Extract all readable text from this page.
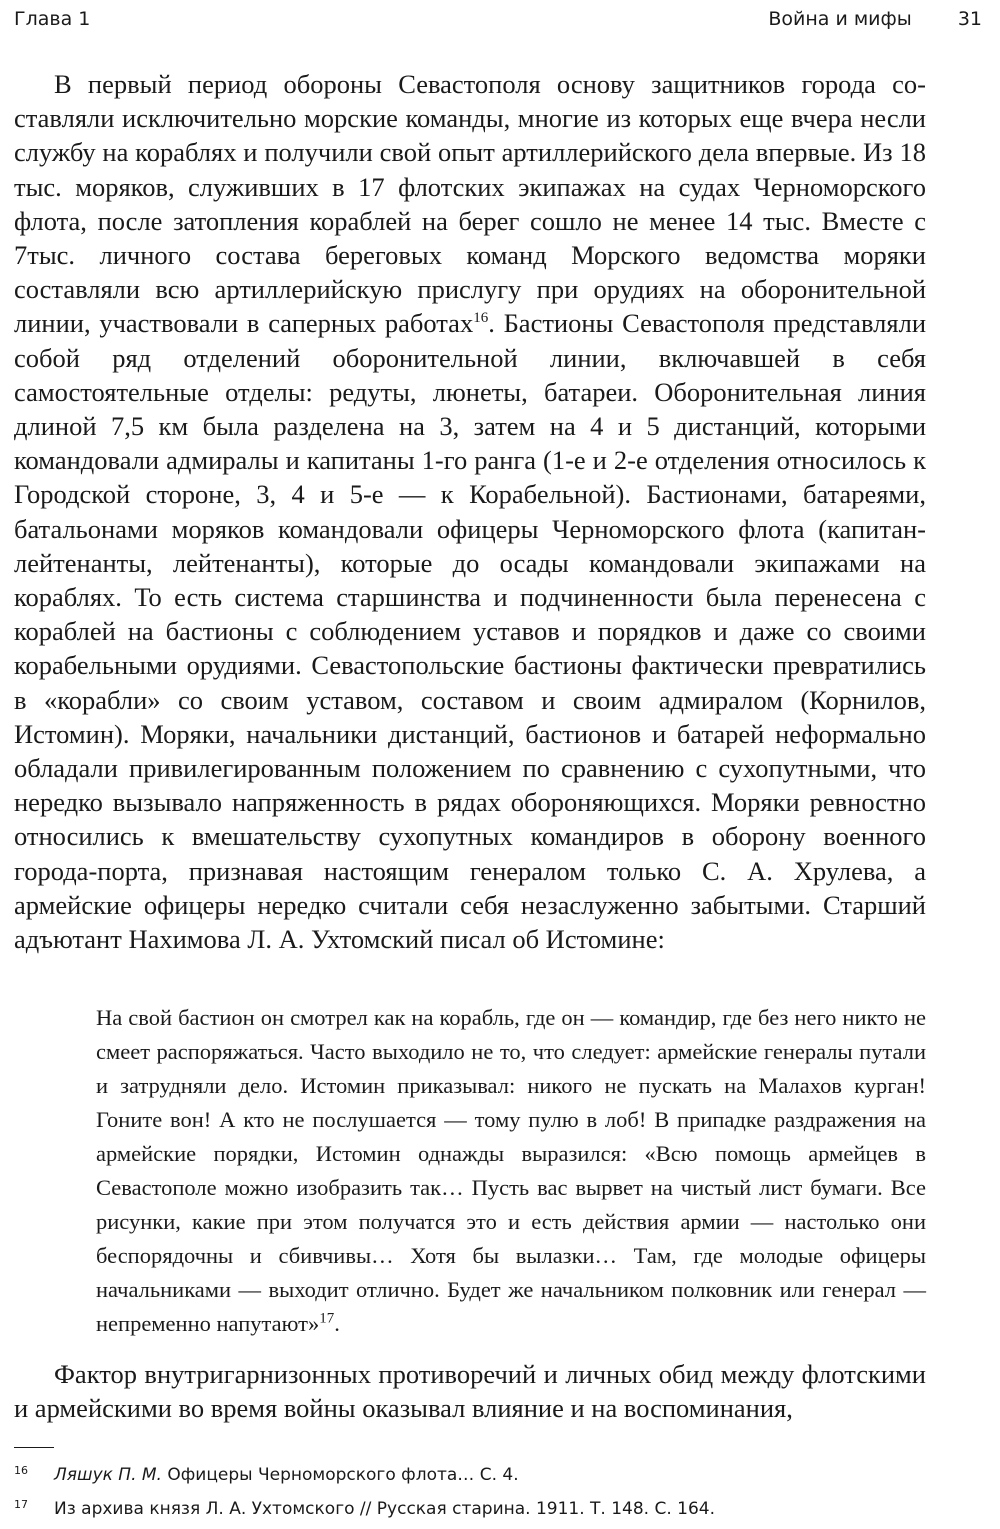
Глава 1	Война и мифы 31

В первый период обороны Севастополя основу защитников города составляли исключительно морские команды, многие из которых еще вчера несли службу на кораблях и получили свой опыт артиллерийского дела впервые. Из 18 тыс. моряков, служивших в 17 флотских экипажах на судах Черноморского флота, после затопления кораблей на берег сошло не менее 14 тыс. Вместе с 7тыс. личного состава береговых команд Морского ведомства моряки составляли всю артиллерийскую прислугу при орудиях на оборонительной линии, участвовали в саперных работах$^{16}$. Бастионы Севастополя представляли собой ряд отделений оборонительной линии, включавшей в себя самостоятельные отделы: редуты, люнеты, батареи. Оборонительная линия длиной 7,5 км была разделена на 3, затем на 4 и 5 дистанций, которыми командовали адмиралы и капитаны 1-го ранга (1-е и 2-е отделения относилось к Городской стороне, 3, 4 и 5-е — к Корабельной). Бастионами, батареями, батальонами моряков командовали офицеры Черноморского флота (капитан-лейтенанты, лейтенанты), которые до осады командовали экипажами на кораблях. То есть система старшинства и подчиненности была перенесена с кораблей на бастионы с соблюдением уставов и порядков и даже со своими корабельными орудиями. Севастопольские бастионы фактически превратились в «корабли» со своим уставом, составом и своим адмиралом (Корнилов, Истомин). Моряки, начальники дистанций, бастионов и батарей неформально обладали привилегированным положением по сравнению с сухопутными, что нередко вызывало напряженность в рядах обороняющихся. Моряки ревностно относились к вмешательству сухопутных командиров в оборону военного города-порта, признавая настоящим генералом только С. А. Хрулева, а армейские офицеры нередко считали себя незаслуженно забытыми. Старший адъютант Нахимова Л. А. Ухтомский писал об Истомине:

На свой бастион он смотрел как на корабль, где он — командир, где без него никто не смеет распоряжаться. Часто выходило не то, что следует: армейские генералы путали и затрудняли дело. Истомин приказывал: никого не пускать на Малахов курган! Гоните вон! А кто не послушается — тому пулю в лоб! В припадке раздражения на армейские порядки, Истомин однажды выразился: «Всю помощь армейцев в Севастополе можно изобразить так… Пусть вас вырвет на чистый лист бумаги. Все рисунки, какие при этом получатся это и есть действия армии — настолько они беспорядочны и сбивчивы… Хотя бы вылазки… Там, где молодые офицеры начальниками — выходит отлично. Будет же начальником полковник или генерал — непременно напутают»$^{17}$.

Фактор внутригарнизонных противоречий и личных обид между флотскими и армейскими во время войны оказывал влияние и на воспоминания,

16 Ляшук П. М. Офицеры Черноморского флота… С. 4.
17 Из архива князя Л. А. Ухтомского // Русская старина. 1911. Т. 148. С. 164.
